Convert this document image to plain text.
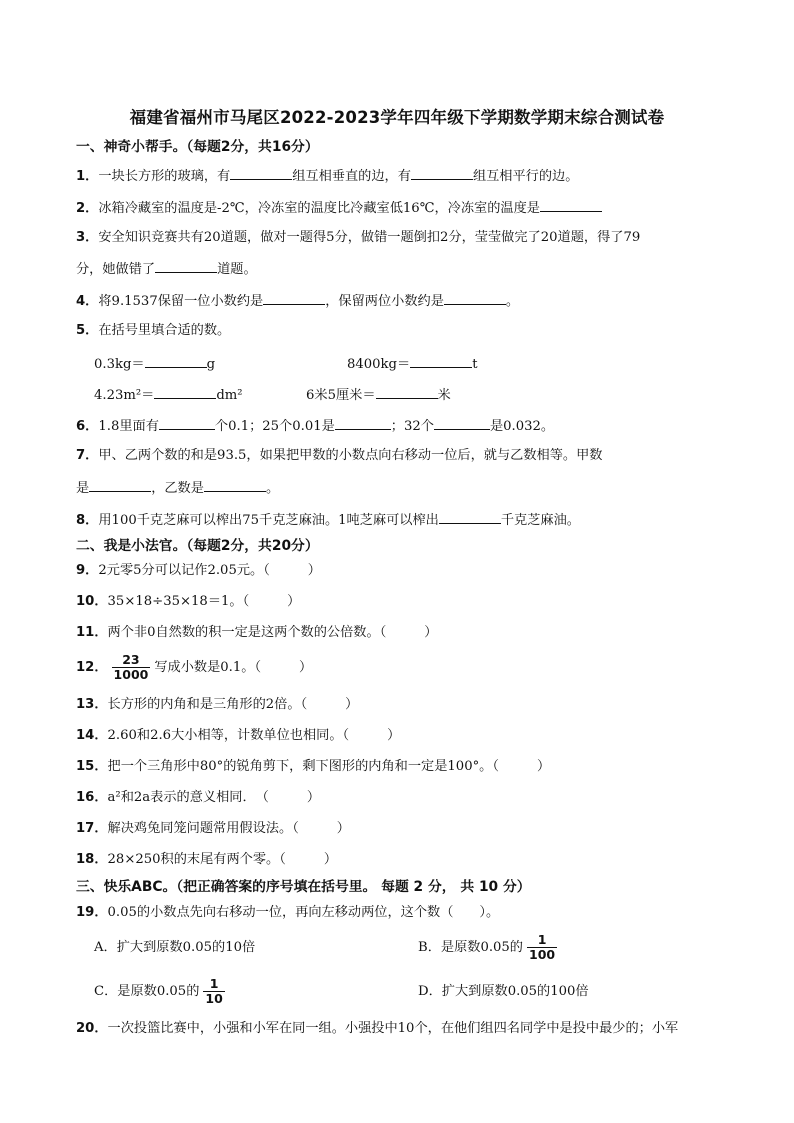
福建省福州市马尾区2022-2023学年四年级下学期数学期末综合测试卷
一、神奇小帮手。（每题2分，共16分）
1．一块长方形的玻璃，有	组互相垂直的边，有	组互相平行的边。
2．冰箱冷藏室的温度是-2℃，冷冻室的温度比冷藏室低16℃，冷冻室的温度是
3．安全知识竞赛共有20道题，做对一题得5分，做错一题倒扣2分，莹莹做完了20道题，得了79
分，她做错了	道题。
4．将9.1537保留一位小数约是	，保留两位小数约是	。
5．在括号里填合适的数。
0.3kg＝	g	8400kg＝	t
4.23m²＝	dm²	6米5厘米＝	米
6．1.8里面有	个0.1；25个0.01是	；32个	是0.032。
7．甲、乙两个数的和是93.5，如果把甲数的小数点向右移动一位后，就与乙数相等。甲数
是	，乙数是	。
8．用100千克芝麻可以榨出75千克芝麻油。1吨芝麻可以榨出	千克芝麻油。
二、我是小法官。（每题2分，共20分）
9．2元零5分可以记作2.05元。（	）
10．35×18÷35×18＝1。（	）
11．两个非0自然数的积一定是这两个数的公倍数。（	）
12． $\frac{23}{1000}$ 写成小数是0.1。（	）
13．长方形的内角和是三角形的2倍。（	）
14．2.60和2.6大小相等，计数单位也相同。（	）
15．把一个三角形中80°的锐角剪下，剩下图形的内角和一定是100°。（	）
16．a²和2a表示的意义相同．　（	）
17．解决鸡兔同笼问题常用假设法。（	）
18．28×250积的末尾有两个零。（	）
三、快乐ABC。（把正确答案的序号填在括号里。 每题 2 分， 共 10 分）
19．0.05的小数点先向右移动一位，再向左移动两位，这个数（ ）。
A．扩大到原数0.05的10倍	B．是原数0.05的 $\frac{1}{100}$
C．是原数0.05的 $\frac{1}{10}$	D．扩大到原数0.05的100倍
20．一次投篮比赛中，小强和小军在同一组。小强投中10个，在他们组四名同学中是投中最少的；小军
